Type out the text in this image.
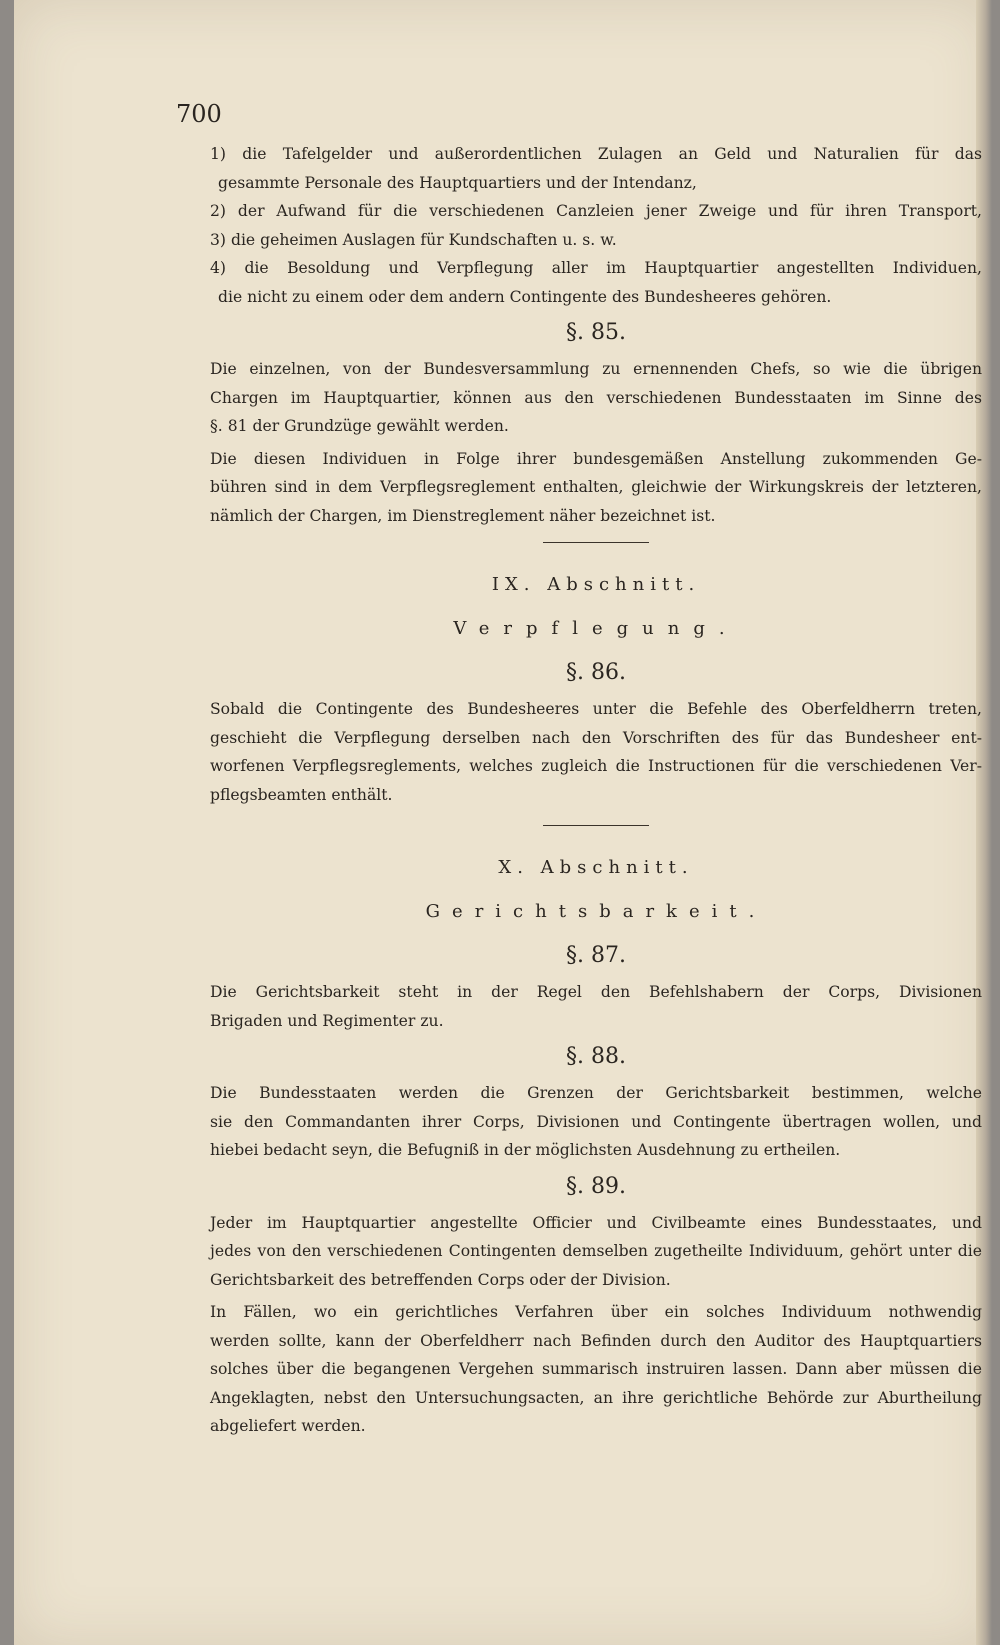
700
1) die Tafelgelder und außerordentlichen Zulagen an Geld und Naturalien für das
gesammte Personale des Hauptquartiers und der Intendanz,
2) der Aufwand für die verschiedenen Canzleien jener Zweige und für ihren Transport,
3) die geheimen Auslagen für Kundschaften u. s. w.
4) die Besoldung und Verpflegung aller im Hauptquartier angestellten Individuen,
die nicht zu einem oder dem andern Contingente des Bundesheeres gehören.
§. 85.
Die einzelnen, von der Bundesversammlung zu ernennenden Chefs, so wie die übrigen
Chargen im Hauptquartier, können aus den verschiedenen Bundesstaaten im Sinne des
§. 81 der Grundzüge gewählt werden.
Die diesen Individuen in Folge ihrer bundesgemäßen Anstellung zukommenden Ge-
bühren sind in dem Verpflegsreglement enthalten, gleichwie der Wirkungskreis der letzteren,
nämlich der Chargen, im Dienstreglement näher bezeichnet ist.
IX. Abschnitt.
Verpflegung.
§. 86.
Sobald die Contingente des Bundesheeres unter die Befehle des Oberfeldherrn treten,
geschieht die Verpflegung derselben nach den Vorschriften des für das Bundesheer ent-
worfenen Verpflegsreglements, welches zugleich die Instructionen für die verschiedenen Ver-
pflegsbeamten enthält.
X. Abschnitt.
Gerichtsbarkeit.
§. 87.
Die Gerichtsbarkeit steht in der Regel den Befehlshabern der Corps, Divisionen
Brigaden und Regimenter zu.
§. 88.
Die Bundesstaaten werden die Grenzen der Gerichtsbarkeit bestimmen, welche
sie den Commandanten ihrer Corps, Divisionen und Contingente übertragen wollen, und
hiebei bedacht seyn, die Befugniß in der möglichsten Ausdehnung zu ertheilen.
§. 89.
Jeder im Hauptquartier angestellte Officier und Civilbeamte eines Bundesstaates, und
jedes von den verschiedenen Contingenten demselben zugetheilte Individuum, gehört unter die
Gerichtsbarkeit des betreffenden Corps oder der Division.
In Fällen, wo ein gerichtliches Verfahren über ein solches Individuum nothwendig
werden sollte, kann der Oberfeldherr nach Befinden durch den Auditor des Hauptquartiers
solches über die begangenen Vergehen summarisch instruiren lassen. Dann aber müssen die
Angeklagten, nebst den Untersuchungsacten, an ihre gerichtliche Behörde zur Aburtheilung
abgeliefert werden.
